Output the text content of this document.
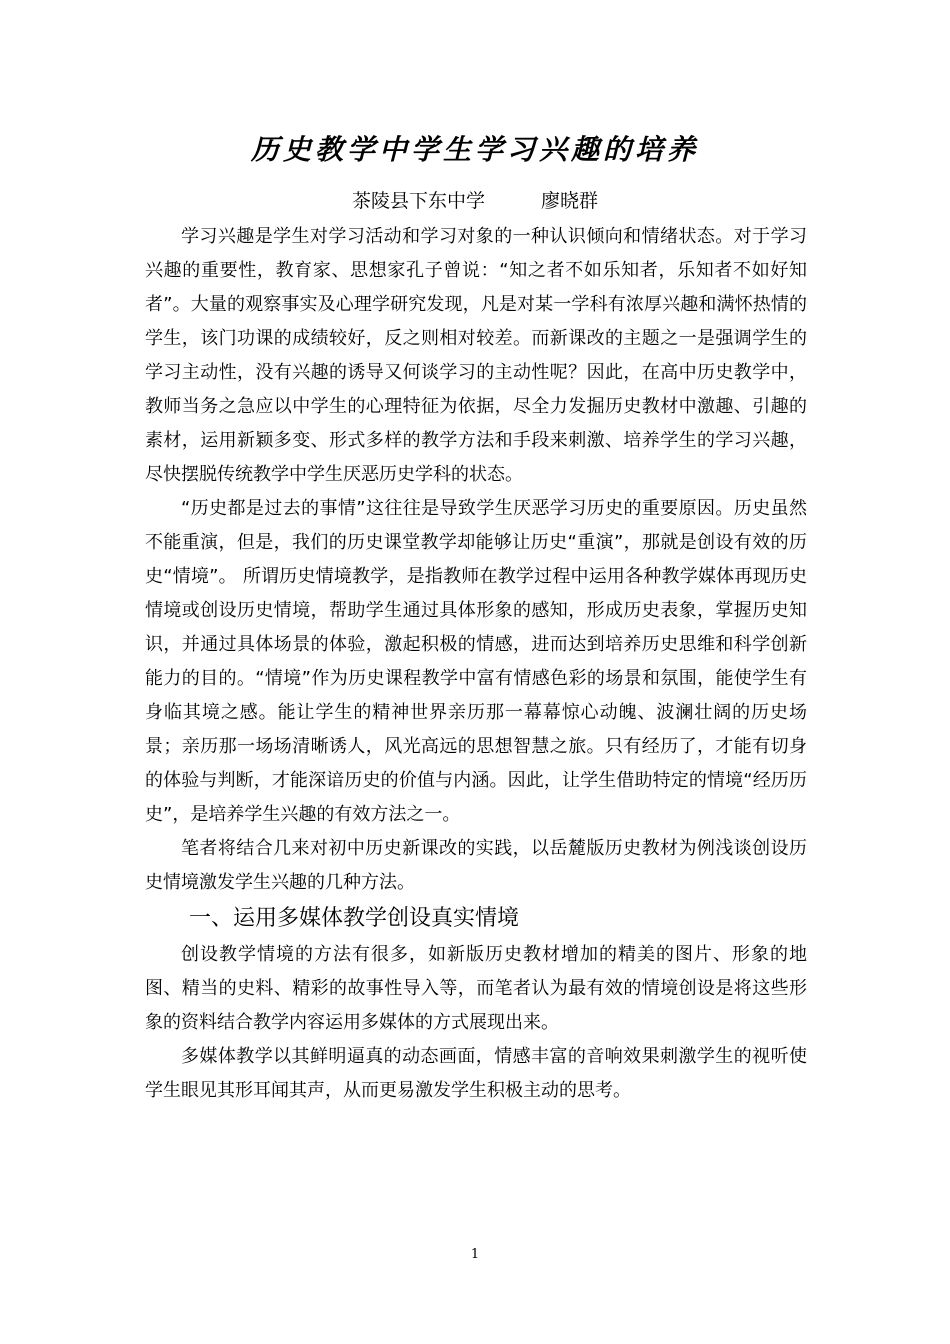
历史教学中学生学习兴趣的培养
茶陵县下东中学	廖晓群

学习兴趣是学生对学习活动和学习对象的一种认识倾向和情绪状态。对于学习兴趣的重要性，教育家、思想家孔子曾说：“知之者不如乐知者，乐知者不如好知者”。大量的观察事实及心理学研究发现，凡是对某一学科有浓厚兴趣和满怀热情的学生，该门功课的成绩较好，反之则相对较差。而新课改的主题之一是强调学生的学习主动性，没有兴趣的诱导又何谈学习的主动性呢？因此，在高中历史教学中，教师当务之急应以中学生的心理特征为依据，尽全力发掘历史教材中激趣、引趣的素材，运用新颖多变、形式多样的教学方法和手段来刺激、培养学生的学习兴趣，尽快摆脱传统教学中学生厌恶历史学科的状态。

“历史都是过去的事情”这往往是导致学生厌恶学习历史的重要原因。历史虽然不能重演，但是，我们的历史课堂教学却能够让历史“重演”，那就是创设有效的历史“情境”。 所谓历史情境教学，是指教师在教学过程中运用各种教学媒体再现历史情境或创设历史情境，帮助学生通过具体形象的感知，形成历史表象，掌握历史知识，并通过具体场景的体验，激起积极的情感，进而达到培养历史思维和科学创新能力的目的。“情境”作为历史课程教学中富有情感色彩的场景和氛围，能使学生有身临其境之感。能让学生的精神世界亲历那一幕幕惊心动魄、波澜壮阔的历史场景；亲历那一场场清晰诱人，风光高远的思想智慧之旅。只有经历了，才能有切身的体验与判断，才能深谙历史的价值与内涵。因此，让学生借助特定的情境“经历历史”，是培养学生兴趣的有效方法之一。

笔者将结合几来对初中历史新课改的实践，以岳麓版历史教材为例浅谈创设历史情境激发学生兴趣的几种方法。

一、运用多媒体教学创设真实情境

创设教学情境的方法有很多，如新版历史教材增加的精美的图片、形象的地图、精当的史料、精彩的故事性导入等，而笔者认为最有效的情境创设是将这些形象的资料结合教学内容运用多媒体的方式展现出来。

多媒体教学以其鲜明逼真的动态画面，情感丰富的音响效果刺激学生的视听使学生眼见其形耳闻其声，从而更易激发学生积极主动的思考。

1
